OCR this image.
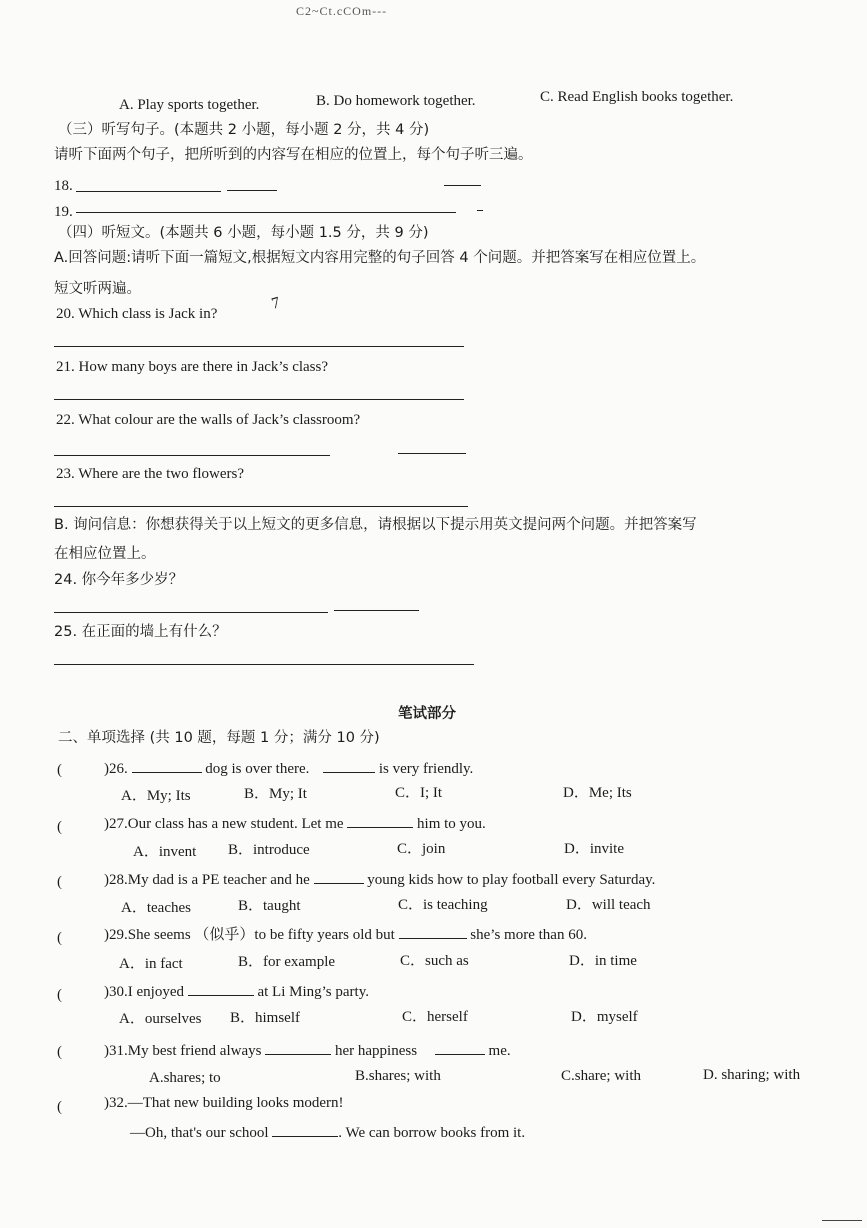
C2~Ct.cCOm---
A. Play sports together.	B. Do homework together.	C. Read English books together.
（三）听写句子。(本题共 2 小题，每小题 2 分，共 4 分)
请听下面两个句子，把所听到的内容写在相应的位置上，每个句子听三遍。
18.
19.
（四）听短文。(本题共 6 小题，每小题 1.5 分，共 9 分)
A.回答问题:请听下面一篇短文,根据短文内容用完整的句子回答 4 个问题。并把答案写在相应位置上。
短文听两遍。
20. Which class is Jack in?
7
21. How many boys are there in Jack’s class?
22. What colour are the walls of Jack’s classroom?
23. Where are the two flowers?
B. 询问信息：你想获得关于以上短文的更多信息，请根据以下提示用英文提问两个问题。并把答案写
在相应位置上。
24. 你今年多少岁？
25. 在正面的墙上有什么？
笔试部分
二、单项选择 (共 10 题，每题 1 分；满分 10 分)
(	)26.	dog is over there.	is very friendly.
A．My; Its	B．My; It	C．I; It	D．Me; Its
(	)27.Our class has a new student. Let me	him to you.
A．invent B．introduce	C．join	D．invite
(	)28.My dad is a PE teacher and he	young kids how to play football every Saturday.
A．teaches	B．taught	C．is teaching	D．will teach
(	)29.She seems （似乎）to be fifty years old but	she’s more than 60.
A．in fact	B．for example	C．such as	D．in time
(	)30.I enjoyed	at Li Ming’s party.
A．ourselves B．himself	C．herself	D．myself
(	)31.My best friend always	her happiness	me.
A.shares; to	B.shares; with	C.share; with	D. sharing; with
(	)32.—That new building looks modern!
—Oh, that's our school	. We can borrow books from it.
